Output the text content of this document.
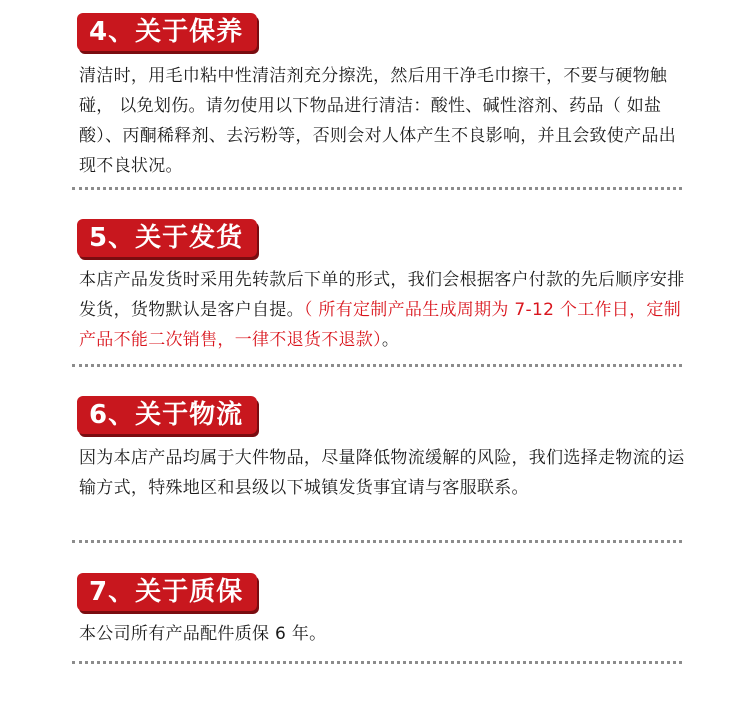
4、关于保养
清洁时，用毛巾粘中性清洁剂充分擦洗，然后用干净毛巾擦干，不要与硬物触碰， 以免划伤。请勿使用以下物品进行清洁：酸性、碱性溶剂、药品（ 如盐酸）、丙酮稀释剂、去污粉等，否则会对人体产生不良影响，并且会致使产品出现不良状况。
5、关于发货
本店产品发货时采用先转款后下单的形式，我们会根据客户付款的先后顺序安排发货，货物默认是客户自提。（ 所有定制产品生成周期为 7-12 个工作日，定制产品不能二次销售，一律不退货不退款）。
6、关于物流
因为本店产品均属于大件物品，尽量降低物流缓解的风险，我们选择走物流的运输方式，特殊地区和县级以下城镇发货事宜请与客服联系。
7、关于质保
本公司所有产品配件质保 6 年。
